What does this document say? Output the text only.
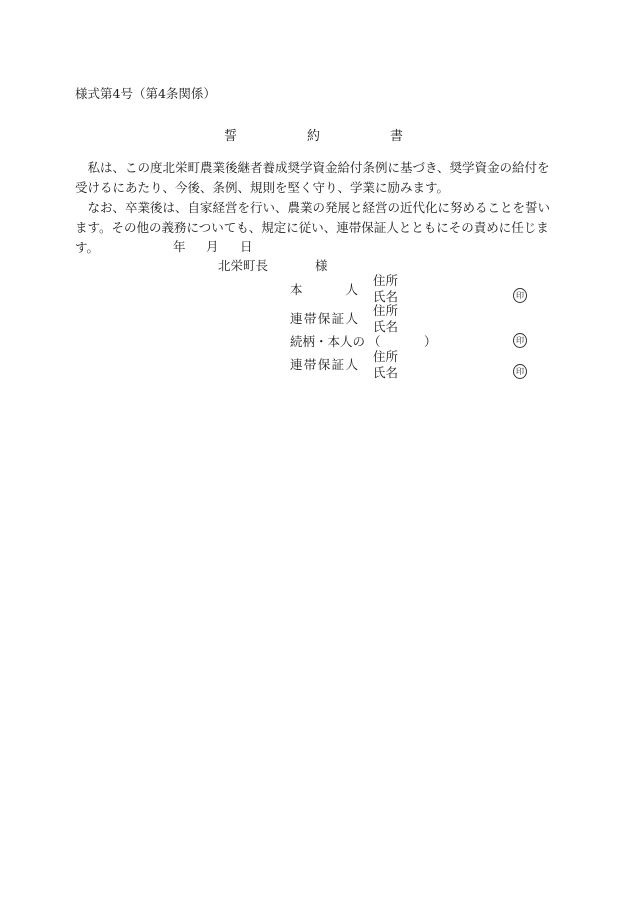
様式第4号（第4条関係）
誓	約	書
　私は、この度北栄町農業後継者養成奨学資金給付条例に基づき、奨学資金の給付を受けるにあたり、今後、条例、規則を堅く守り、学業に励みます。
　なお、卒業後は、自家経営を行い、農業の発展と経営の近代化に努めることを誓います。その他の義務についても、規定に従い、連帯保証人とともにその責めに任じます。	年 月 日
北栄町長	様
本	人
住所
氏名	印
連 帯 保 証 人
住所
氏名
続柄・本人の （	）	印
連 帯 保 証 人
住所
氏名	印
